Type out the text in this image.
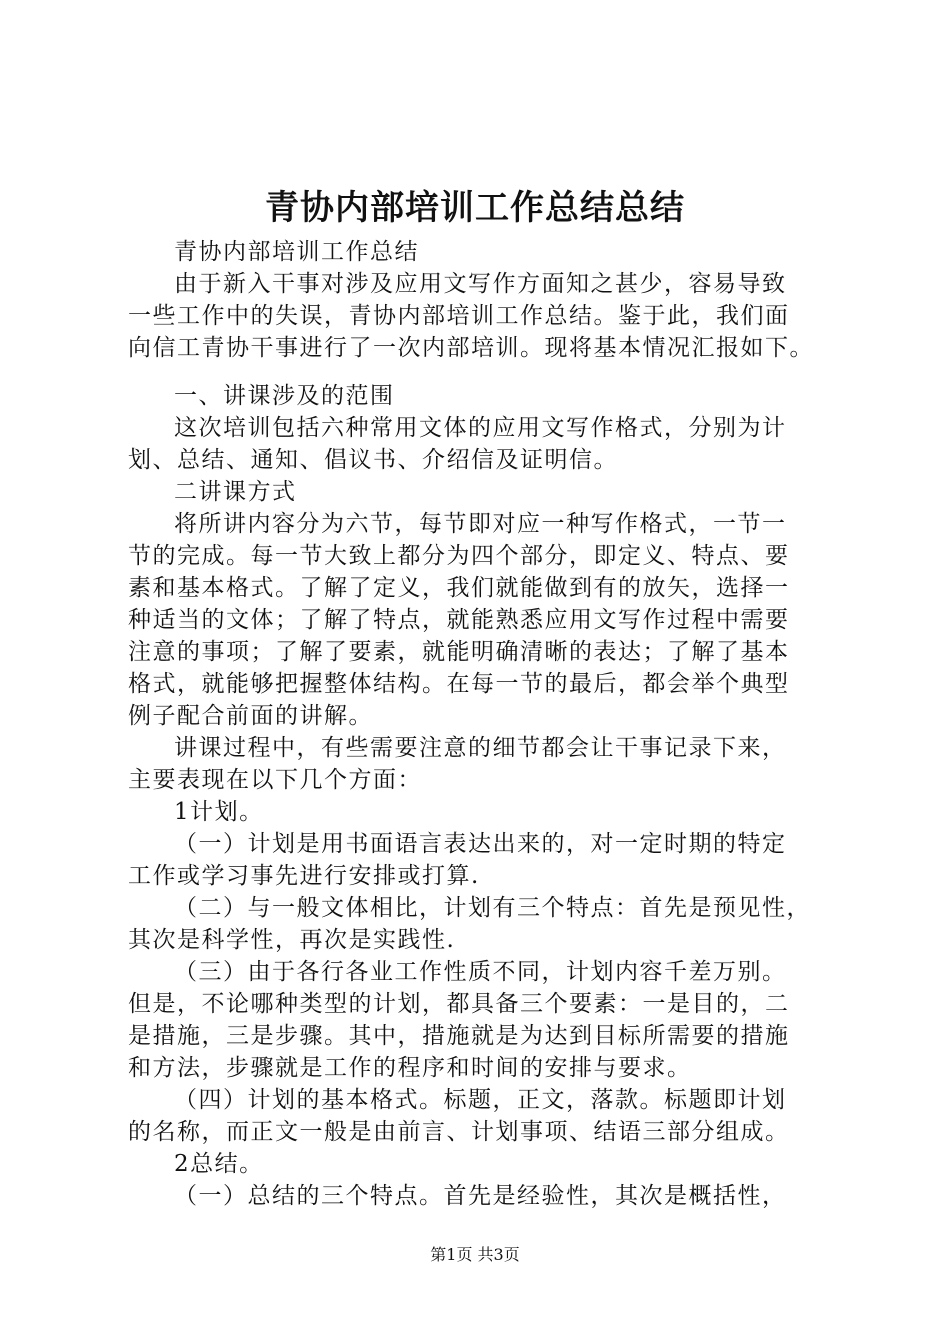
青协内部培训工作总结总结

青协内部培训工作总结

由于新入干事对涉及应用文写作方面知之甚少，容易导致
一些工作中的失误，青协内部培训工作总结。鉴于此，我们面
向信工青协干事进行了一次内部培训。现将基本情况汇报如下。

一、讲课涉及的范围

这次培训包括六种常用文体的应用文写作格式，分别为计
划、总结、通知、倡议书、介绍信及证明信。

二讲课方式

将所讲内容分为六节，每节即对应一种写作格式，一节一
节的完成。每一节大致上都分为四个部分，即定义、特点、要
素和基本格式。了解了定义，我们就能做到有的放矢，选择一
种适当的文体；了解了特点，就能熟悉应用文写作过程中需要
注意的事项；了解了要素，就能明确清晰的表达；了解了基本
格式，就能够把握整体结构。在每一节的最后，都会举个典型
例子配合前面的讲解。

讲课过程中，有些需要注意的细节都会让干事记录下来，
主要表现在以下几个方面：

1计划。

（一）计划是用书面语言表达出来的，对一定时期的特定
工作或学习事先进行安排或打算.

（二）与一般文体相比，计划有三个特点：首先是预见性，
其次是科学性，再次是实践性.

（三）由于各行各业工作性质不同，计划内容千差万别。
但是，不论哪种类型的计划，都具备三个要素：一是目的，二
是措施，三是步骤。其中，措施就是为达到目标所需要的措施
和方法，步骤就是工作的程序和时间的安排与要求。

（四）计划的基本格式。标题，正文，落款。标题即计划
的名称，而正文一般是由前言、计划事项、结语三部分组成。

2总结。

（一）总结的三个特点。首先是经验性，其次是概括性，

第1页 共3页
